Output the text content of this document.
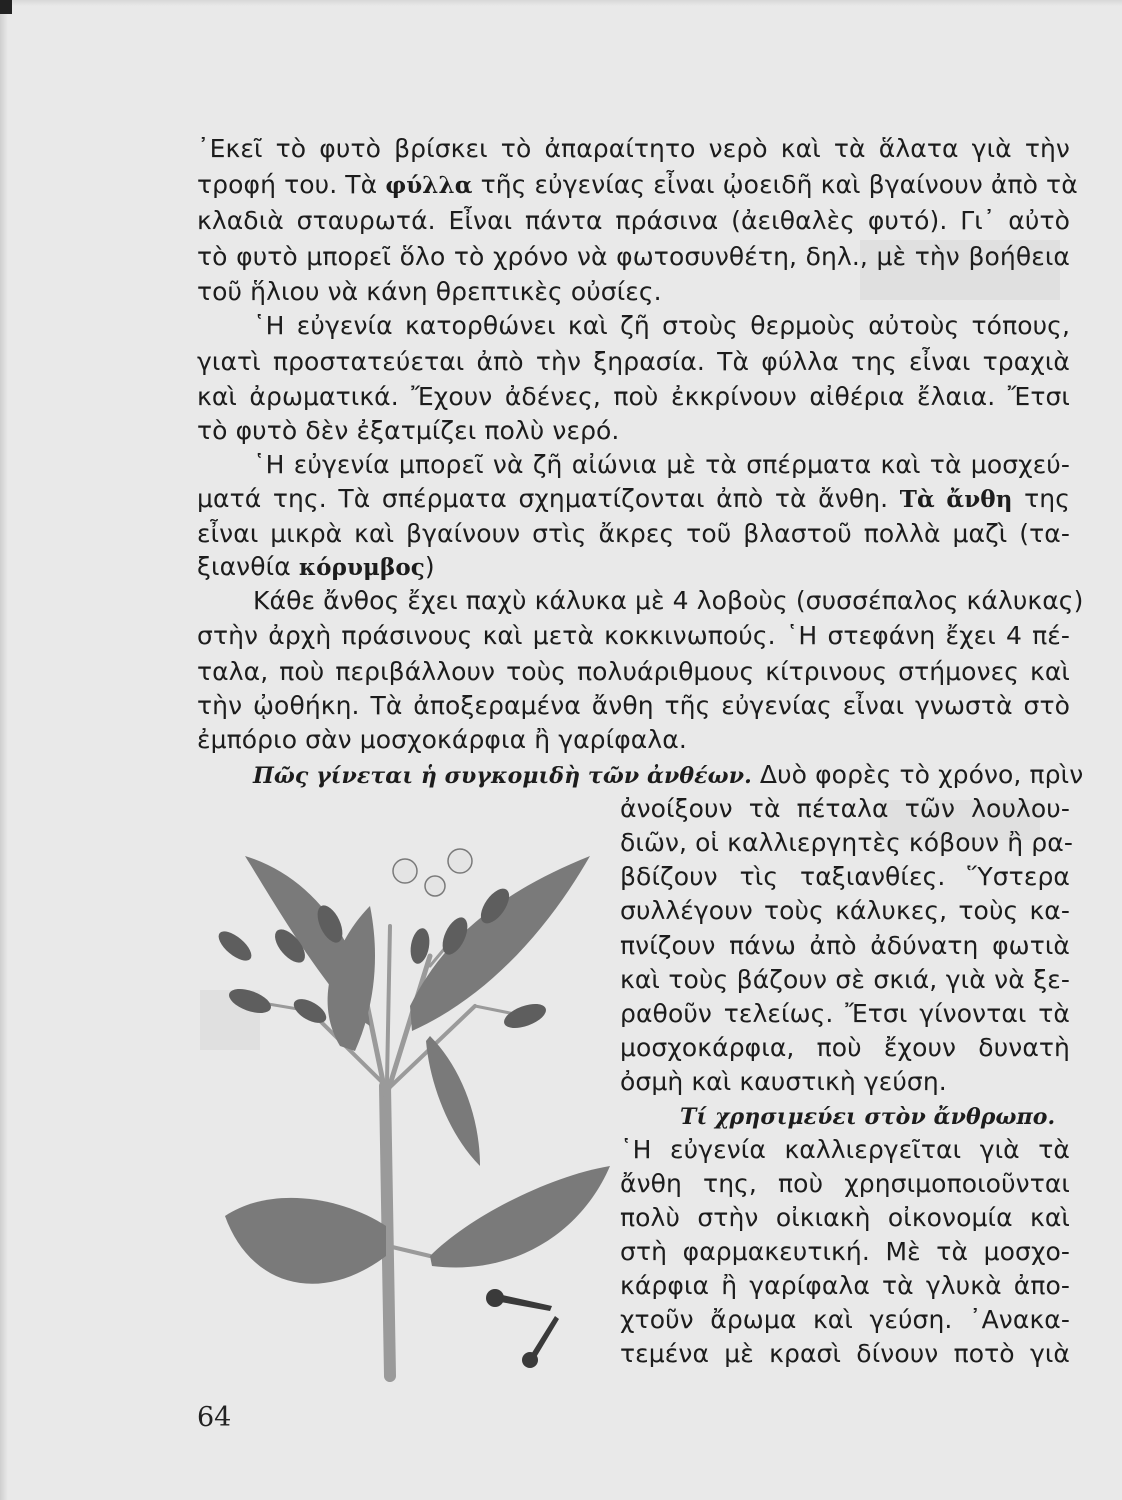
᾿Εκεῖ τὸ φυτὸ βρίσκει τὸ ἀπαραίτητο νερὸ καὶ τὰ ἅλατα γιὰ τὴν
τροφή του. Τὰ φύλλα τῆς εὐγενίας εἶναι ᾠοειδῆ καὶ βγαίνουν ἀπὸ τὰ
κλαδιὰ σταυρωτά. Εἶναι πάντα πράσινα (ἀειθαλὲς φυτό). Γι᾿ αὐτὸ
τὸ φυτὸ μπορεῖ ὅλο τὸ χρόνο νὰ φωτοσυνθέτη, δηλ., μὲ τὴν βοήθεια
τοῦ ἥλιου νὰ κάνη θρεπτικὲς οὐσίες.
῾Η εὐγενία κατορθώνει καὶ ζῆ στοὺς θερμοὺς αὐτοὺς τόπους,
γιατὶ προστατεύεται ἀπὸ τὴν ξηρασία. Τὰ φύλλα της εἶναι τραχιὰ
καὶ ἀρωματικά. Ἔχουν ἀδένες, ποὺ ἐκκρίνουν αἰθέρια ἔλαια. Ἔτσι
τὸ φυτὸ δὲν ἐξατμίζει πολὺ νερό.
῾Η εὐγενία μπορεῖ νὰ ζῆ αἰώνια μὲ τὰ σπέρματα καὶ τὰ μοσχεύ-
ματά της. Τὰ σπέρματα σχηματίζονται ἀπὸ τὰ ἄνθη. Τὰ ἄνθη της
εἶναι μικρὰ καὶ βγαίνουν στὶς ἄκρες τοῦ βλαστοῦ πολλὰ μαζὶ (τα-
ξιανθία κόρυμβος)
Κάθε ἄνθος ἔχει παχὺ κάλυκα μὲ 4 λοβοὺς (συσσέπαλος κάλυκας)
στὴν ἀρχὴ πράσινους καὶ μετὰ κοκκινωπούς. ῾Η στεφάνη ἔχει 4 πέ-
ταλα, ποὺ περιβάλλουν τοὺς πολυάριθμους κίτρινους στήμονες καὶ
τὴν ᾠοθήκη. Τὰ ἀποξεραμένα ἄνθη τῆς εὐγενίας εἶναι γνωστὰ στὸ
ἐμπόριο σὰν μοσχοκάρφια ἢ γαρίφαλα.
Πῶς γίνεται ἡ συγκομιδὴ τῶν ἀνθέων. Δυὸ φορὲς τὸ χρόνο, πρὶν
ἀνοίξουν τὰ πέταλα τῶν λουλου-
διῶν, οἱ καλλιεργητὲς κόβουν ἢ ρα-
βδίζουν τὶς ταξιανθίες. Ὕστερα
συλλέγουν τοὺς κάλυκες, τοὺς κα-
πνίζουν πάνω ἀπὸ ἀδύνατη φωτιὰ
καὶ τοὺς βάζουν σὲ σκιά, γιὰ νὰ ξε-
ραθοῦν τελείως. Ἔτσι γίνονται τὰ
μοσχοκάρφια, ποὺ ἔχουν δυνατὴ
ὀσμὴ καὶ καυστικὴ γεύση.
Τί χρησιμεύει στὸν ἄνθρωπο.
῾Η εὐγενία καλλιεργεῖται γιὰ τὰ
ἄνθη της, ποὺ χρησιμοποιοῦνται
πολὺ στὴν οἰκιακὴ οἰκονομία καὶ
στὴ φαρμακευτική. Μὲ τὰ μοσχο-
κάρφια ἢ γαρίφαλα τὰ γλυκὰ ἀπο-
χτοῦν ἄρωμα καὶ γεύση. ᾿Ανακα-
τεμένα μὲ κρασὶ δίνουν ποτὸ γιὰ
64
